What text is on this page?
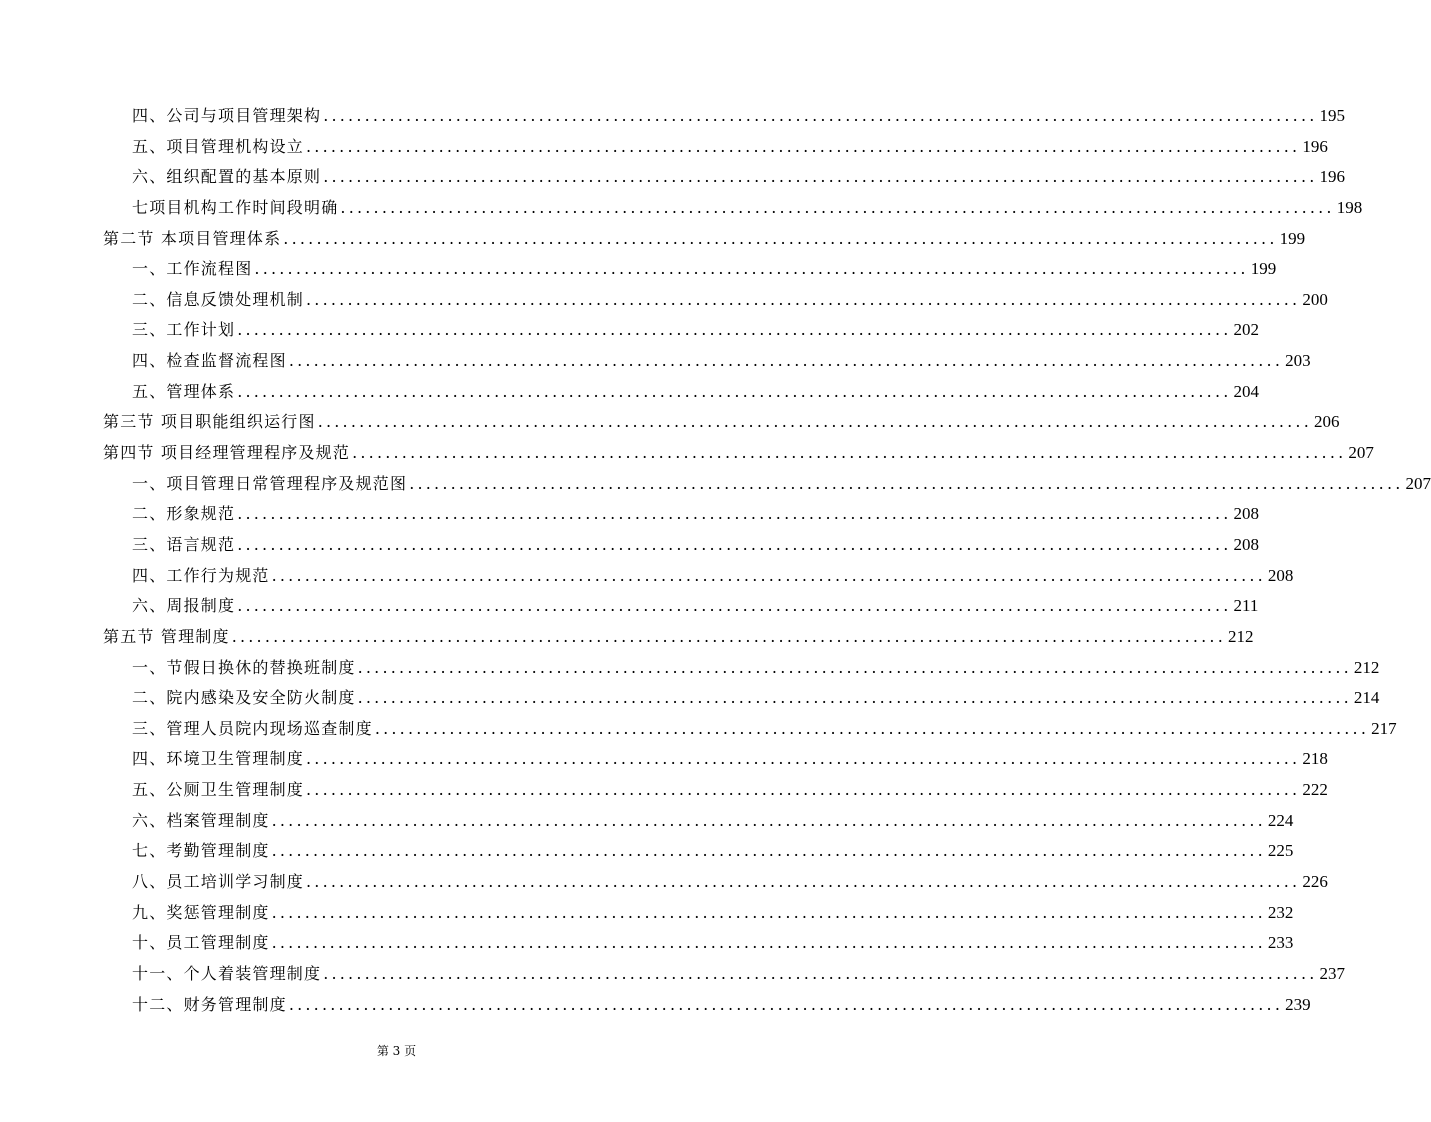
四、公司与项目管理架构 ........................................................................................................................ 195
五、项目管理机构设立 ........................................................................................................................ 196
六、组织配置的基本原则 ........................................................................................................................ 196
七项目机构工作时间段明确 ........................................................................................................................ 198
第二节 本项目管理体系 ........................................................................................................................ 199
一、工作流程图 ........................................................................................................................ 199
二、信息反馈处理机制 ........................................................................................................................ 200
三、工作计划 ........................................................................................................................ 202
四、检查监督流程图 ........................................................................................................................ 203
五、管理体系 ........................................................................................................................ 204
第三节 项目职能组织运行图 ........................................................................................................................ 206
第四节 项目经理管理程序及规范 ........................................................................................................................ 207
一、项目管理日常管理程序及规范图 ........................................................................................................................ 207
二、形象规范 ........................................................................................................................ 208
三、语言规范 ........................................................................................................................ 208
四、工作行为规范 ........................................................................................................................ 208
六、周报制度 ........................................................................................................................ 211
第五节 管理制度 ........................................................................................................................ 212
一、节假日换休的替换班制度 ........................................................................................................................ 212
二、院内感染及安全防火制度 ........................................................................................................................ 214
三、管理人员院内现场巡查制度 ........................................................................................................................ 217
四、环境卫生管理制度 ........................................................................................................................ 218
五、公厕卫生管理制度 ........................................................................................................................ 222
六、档案管理制度 ........................................................................................................................ 224
七、考勤管理制度 ........................................................................................................................ 225
八、员工培训学习制度 ........................................................................................................................ 226
九、奖惩管理制度 ........................................................................................................................ 232
十、员工管理制度 ........................................................................................................................ 233
十一、个人着装管理制度 ........................................................................................................................ 237
十二、财务管理制度 ........................................................................................................................ 239
第 3 页
